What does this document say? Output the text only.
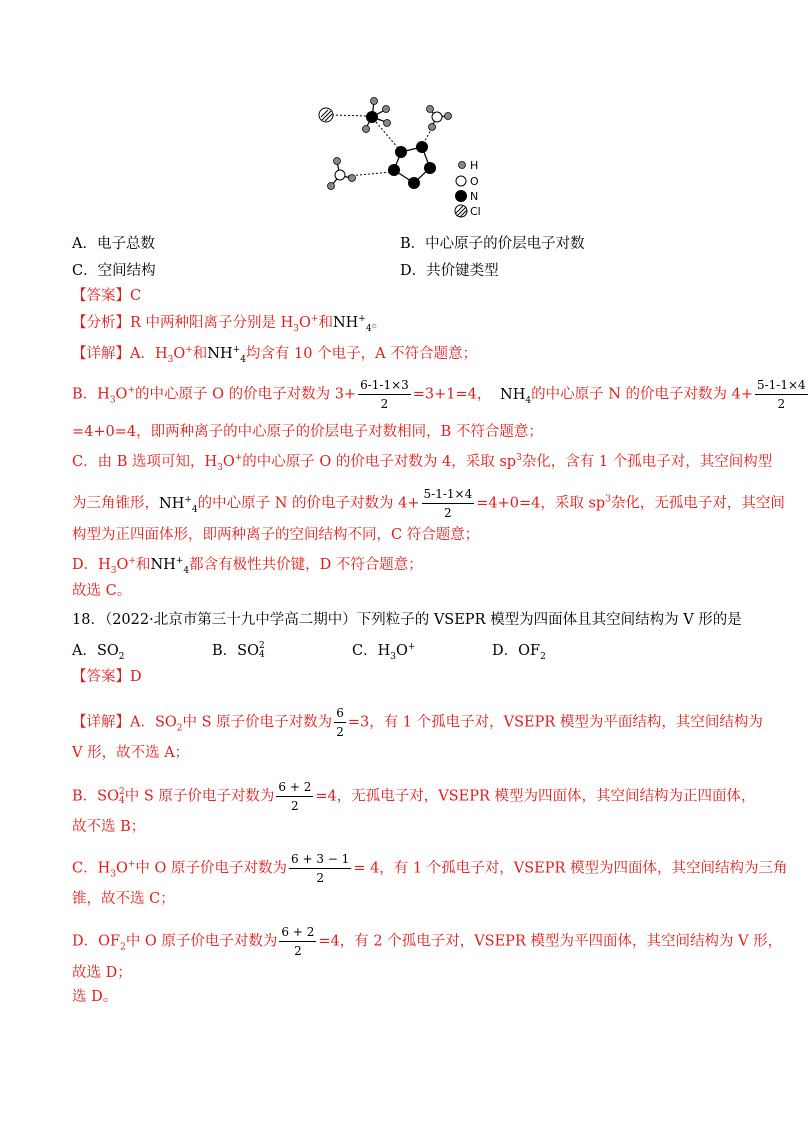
H
O
N
Cl
A．电子总数	B．中心原子的价层电子对数
C．空间结构	D．共价键类型
【答案】C
【分析】R 中两种阳离子分别是 $H_3O^+$和$NH^+_4$。
【详解】A．$H_3O^+$和$NH^+_4$均含有 10 个电子，A 不符合题意；
B．$H_3O^+$的中心原子 O 的价电子对数为 $3+ \frac{6-1-1\times 3}{2} =3+1=4$， $NH_4$的中心原子 N 的价电子对数为 $4+ \frac{5-1-1\times 4}{2}$
=4+0=4，即两种离子的中心原子的价层电子对数相同，B 不符合题意；
C．由 B 选项可知，$H_3O^+$的中心原子 O 的价电子对数为 4，采取 $sp^3$杂化，含有 1 个孤电子对，其空间构型
为三角锥形，$NH^+_4$的中心原子 N 的价电子对数为 $4+ \frac{5-1-1\times 4}{2} =4+0=4$，采取 $sp^3$杂化，无孤电子对，其空间
构型为正四面体形，即两种离子的空间结构不同，C 符合题意；
D．$H_3O^+$和$NH^+_4$都含有极性共价键，D 不符合题意；
故选 C。
18．（2022·北京市第三十九中学高二期中）下列粒子的 VSEPR 模型为四面体且其空间结构为 V 形的是
A．$SO_2$	B．SO 2
4	C．$H_3O^+$	D．$OF_2$
【答案】D
【详解】A．$SO_2$中 S 原子价电子对数为 $\frac{6}{2} =3$，有 1 个孤电子对，VSEPR 模型为平面结构，其空间结构为
V 形，故不选 A；
B．SO 2
4 中 S 原子价电子对数为 $\frac{6 + 2}{2} =4$，无孤电子对，VSEPR 模型为四面体，其空间结构为正四面体，
故不选 B；
C．$H_3O^+$中 O 原子价电子对数为 $\frac{6 + 3 - 1}{2} = 4$，有 1 个孤电子对，VSEPR 模型为四面体，其空间结构为三角
锥，故不选 C；
D．$OF_2$中 O 原子价电子对数为 $\frac{6 + 2}{2} =4$，有 2 个孤电子对，VSEPR 模型为平四面体，其空间结构为 V 形，
故选 D；
选 D。
